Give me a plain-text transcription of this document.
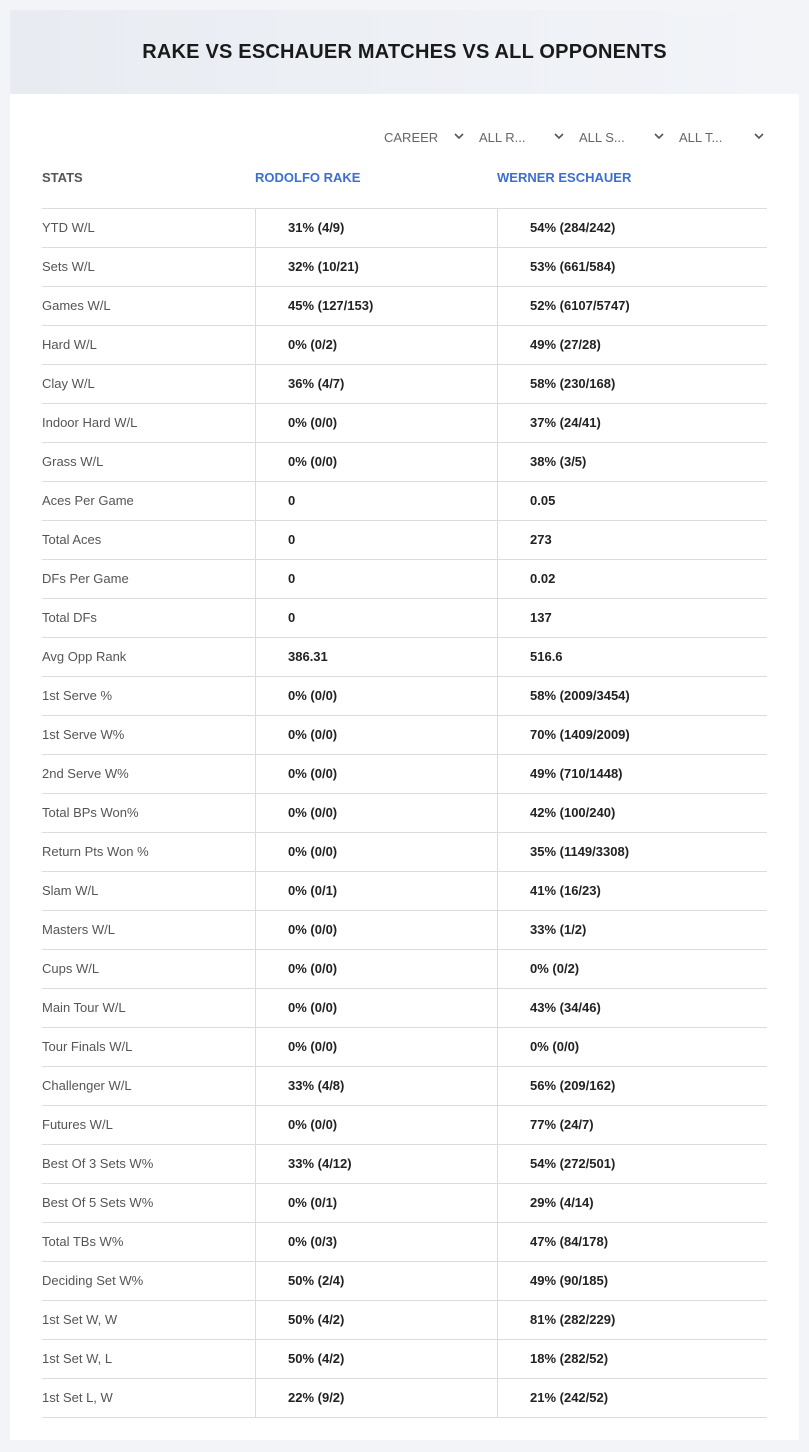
RAKE VS ESCHAUER MATCHES VS ALL OPPONENTS
CAREER	ALL R...	ALL S...	ALL T...
STATS	RODOLFO RAKE	WERNER ESCHAUER
YTD W/L	31% (4/9)	54% (284/242)
Sets W/L	32% (10/21)	53% (661/584)
Games W/L	45% (127/153)	52% (6107/5747)
Hard W/L	0% (0/2)	49% (27/28)
Clay W/L	36% (4/7)	58% (230/168)
Indoor Hard W/L	0% (0/0)	37% (24/41)
Grass W/L	0% (0/0)	38% (3/5)
Aces Per Game	0	0.05
Total Aces	0	273
DFs Per Game	0	0.02
Total DFs	0	137
Avg Opp Rank	386.31	516.6
1st Serve %	0% (0/0)	58% (2009/3454)
1st Serve W%	0% (0/0)	70% (1409/2009)
2nd Serve W%	0% (0/0)	49% (710/1448)
Total BPs Won%	0% (0/0)	42% (100/240)
Return Pts Won %	0% (0/0)	35% (1149/3308)
Slam W/L	0% (0/1)	41% (16/23)
Masters W/L	0% (0/0)	33% (1/2)
Cups W/L	0% (0/0)	0% (0/2)
Main Tour W/L	0% (0/0)	43% (34/46)
Tour Finals W/L	0% (0/0)	0% (0/0)
Challenger W/L	33% (4/8)	56% (209/162)
Futures W/L	0% (0/0)	77% (24/7)
Best Of 3 Sets W%	33% (4/12)	54% (272/501)
Best Of 5 Sets W%	0% (0/1)	29% (4/14)
Total TBs W%	0% (0/3)	47% (84/178)
Deciding Set W%	50% (2/4)	49% (90/185)
1st Set W, W	50% (4/2)	81% (282/229)
1st Set W, L	50% (4/2)	18% (282/52)
1st Set L, W	22% (9/2)	21% (242/52)
